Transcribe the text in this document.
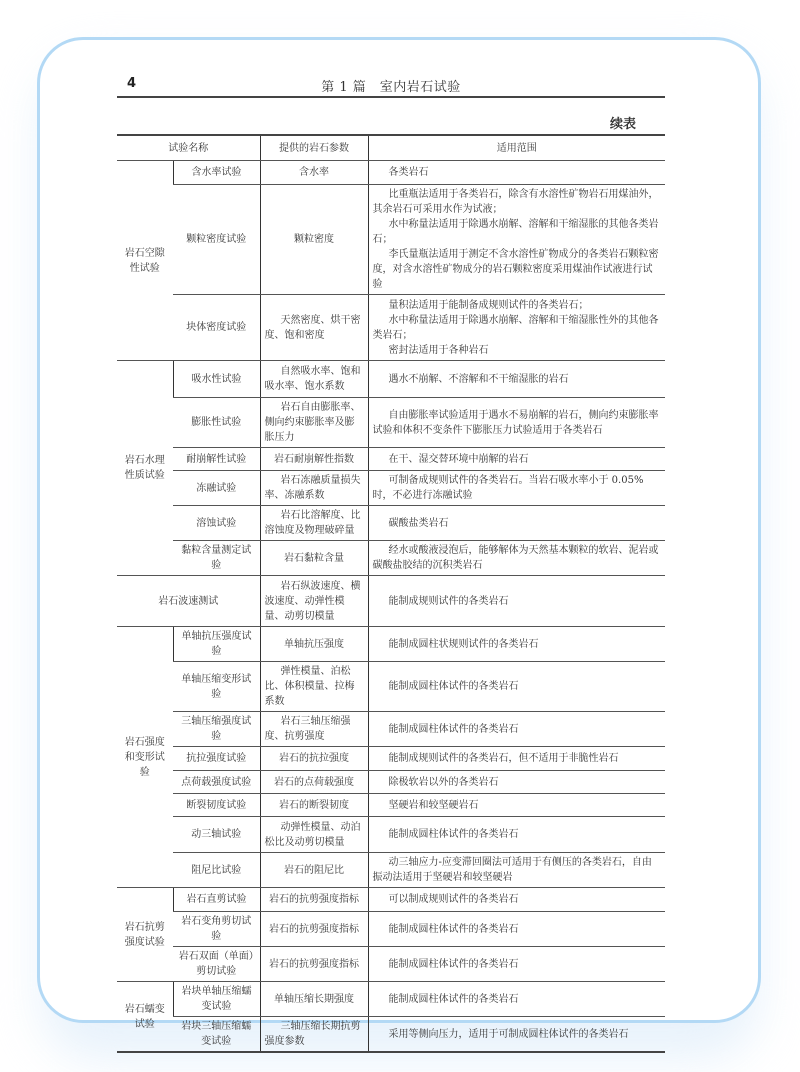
4	第 1 篇　室内岩石试验
续表
试验名称		提供的岩石参数	适用范围
岩石空隙性试验	含水率试验	含水率	各类岩石

	颗粒密度试验	颗粒密度	比重瓶法适用于各类岩石，除含有水溶性矿物岩石用煤油外，其余岩石可采用水作为试液；
水中称量法适用于除遇水崩解、溶解和干缩湿胀的其他各类岩石；
李氏量瓶法适用于测定不含水溶性矿物成分的各类岩石颗粒密度，对含水溶性矿物成分的岩石颗粒密度采用煤油作试液进行试验

	块体密度试验	天然密度、烘干密度、饱和密度	量积法适用于能制备成规则试件的各类岩石；
水中称量法适用于除遇水崩解、溶解和干缩湿胀性外的其他各类岩石；
密封法适用于各种岩石

岩石水理性质试验	吸水性试验	自然吸水率、饱和吸水率、饱水系数	遇水不崩解、不溶解和不干缩湿胀的岩石

	膨胀性试验	岩石自由膨胀率、侧向约束膨胀率及膨胀压力	自由膨胀率试验适用于遇水不易崩解的岩石，侧向约束膨胀率试验和体积不变条件下膨胀压力试验适用于各类岩石

	耐崩解性试验	岩石耐崩解性指数	在干、湿交替环境中崩解的岩石

	冻融试验	岩石冻融质量损失率、冻融系数	可制备成规则试件的各类岩石。当岩石吸水率小于 0.05%时，不必进行冻融试验

	溶蚀试验	岩石比溶解度、比溶蚀度及物理破碎量	碳酸盐类岩石

	黏粒含量测定试验	岩石黏粒含量	经水或酸液浸泡后，能够解体为天然基本颗粒的软岩、泥岩或碳酸盐胶结的沉积类岩石

岩石波速测试		岩石纵波速度、横波速度、动弹性模量、动剪切模量	能制成规则试件的各类岩石

岩石强度和变形试验	单轴抗压强度试验	单轴抗压强度	能制成圆柱状规则试件的各类岩石

	单轴压缩变形试验	弹性模量、泊松比、体积模量、拉梅系数	能制成圆柱体试件的各类岩石

	三轴压缩强度试验	岩石三轴压缩强度、抗剪强度	能制成圆柱体试件的各类岩石

	抗拉强度试验	岩石的抗拉强度	能制成规则试件的各类岩石，但不适用于非脆性岩石

	点荷载强度试验	岩石的点荷载强度	除极软岩以外的各类岩石

	断裂韧度试验	岩石的断裂韧度	坚硬岩和较坚硬岩石

	动三轴试验	动弹性模量、动泊松比及动剪切模量	能制成圆柱体试件的各类岩石

	阻尼比试验	岩石的阻尼比	动三轴应力-应变滞回圈法可适用于有侧压的各类岩石，自由振动法适用于坚硬岩和较坚硬岩

岩石抗剪强度试验	岩石直剪试验	岩石的抗剪强度指标	可以制成规则试件的各类岩石

	岩石变角剪切试验	岩石的抗剪强度指标	能制成圆柱体试件的各类岩石

	岩石双面（单面）剪切试验	岩石的抗剪强度指标	能制成圆柱体试件的各类岩石

岩石蠕变试验	岩块单轴压缩蠕变试验	单轴压缩长期强度	能制成圆柱体试件的各类岩石

	岩块三轴压缩蠕变试验	三轴压缩长期抗剪强度参数	采用等侧向压力，适用于可制成圆柱体试件的各类岩石
